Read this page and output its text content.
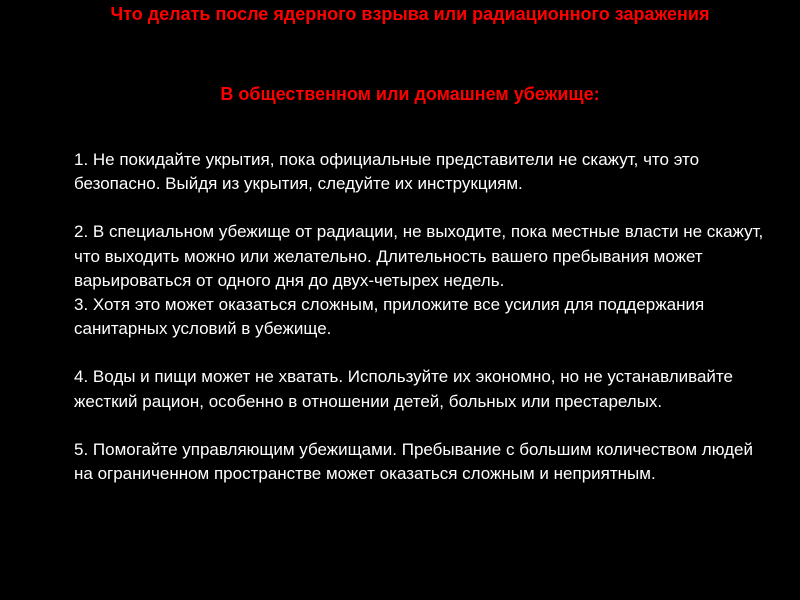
Что делать после ядерного взрыва или радиационного заражения
В общественном или домашнем убежище:

1. Не покидайте укрытия, пока официальные представители не скажут, что это безопасно. Выйдя из укрытия, следуйте их инструкциям.

2. В специальном убежище от радиации, не выходите, пока местные власти не скажут, что выходить можно или желательно. Длительность вашего пребывания может варьироваться от одного дня до двух-четырех недель.

3. Хотя это может оказаться сложным, приложите все усилия для поддержания санитарных условий в убежище.

4. Воды и пищи может не хватать. Используйте их экономно, но не устанавливайте жесткий рацион, особенно в отношении детей, больных или престарелых.

5. Помогайте управляющим убежищами. Пребывание с большим количеством людей на ограниченном пространстве может оказаться сложным и неприятным.
